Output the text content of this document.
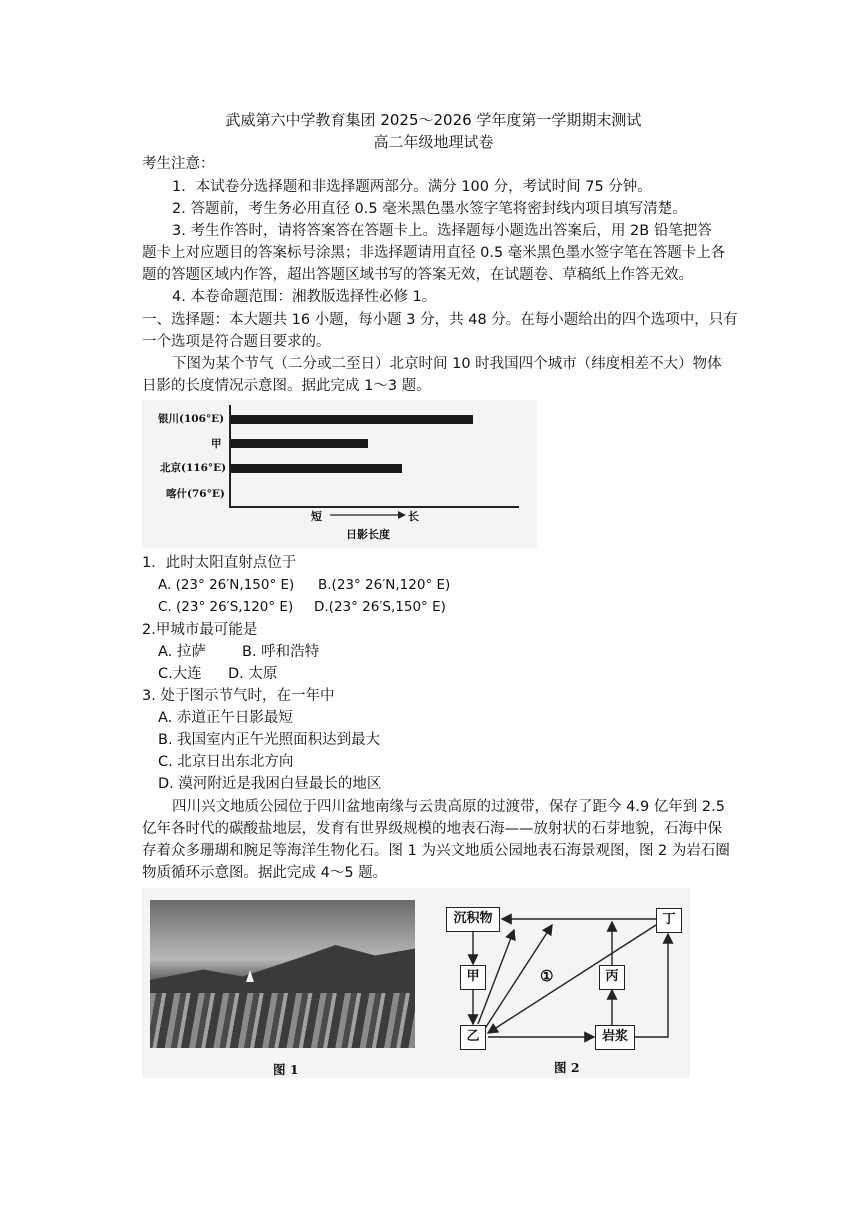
武威第六中学教育集团 2025～2026 学年度第一学期期末测试
高二年级地理试卷
考生注意：
1．本试卷分选择题和非选择题两部分。满分 100 分，考试时间 75 分钟。
2. 答题前，考生务必用直径 0.5 毫米黑色墨水签字笔将密封线内项目填写清楚。
3. 考生作答时，请将答案答在答题卡上。选择题每小题选出答案后，用 2B 铅笔把答
题卡上对应题目的答案标号涂黑；非选择题请用直径 0.5 毫米黑色墨水签字笔在答题卡上各
题的答题区域内作答，超出答题区域书写的答案无效，在试题卷、草稿纸上作答无效。
4. 本卷命题范围：湘教版选择性必修 1。
一、选择题：本大题共 16 小题，每小题 3 分，共 48 分。在每小题给出的四个选项中，只有
一个选项是符合题目要求的。
下图为某个节气（二分或二至日）北京时间 10 时我国四个城市（纬度相差不大）物体
日影的长度情况示意图。据此完成 1～3 题。
银川(106°E)
甲
北京(116°E)
喀什(76°E)
短	长
日影长度
1．此时太阳直射点位于
A. (23° 26′N,150° E) B.(23° 26′N,120° E)
C. (23° 26′S,120° E) D.(23° 26′S,150° E)
2.甲城市最可能是
A. 拉萨 B. 呼和浩特
C.大连 D. 太原
3. 处于图示节气时，在一年中
A. 赤道正午日影最短
B. 我国室内正午光照面积达到最大
C. 北京日出东北方向
D. 漠河附近是我困白昼最长的地区
四川兴文地质公园位于四川盆地南缘与云贵高原的过渡带，保存了距今 4.9 亿年到 2.5
亿年各时代的碳酸盐地层，发育有世界级规模的地表石海——放射状的石芽地貌，石海中保
存着众多珊瑚和腕足等海洋生物化石。图 1 为兴文地质公园地表石海景观图，图 2 为岩石圈
物质循环示意图。据此完成 4～5 题。
沉积物
甲
乙
丙
丁
岩浆
①
图 1	图 2
